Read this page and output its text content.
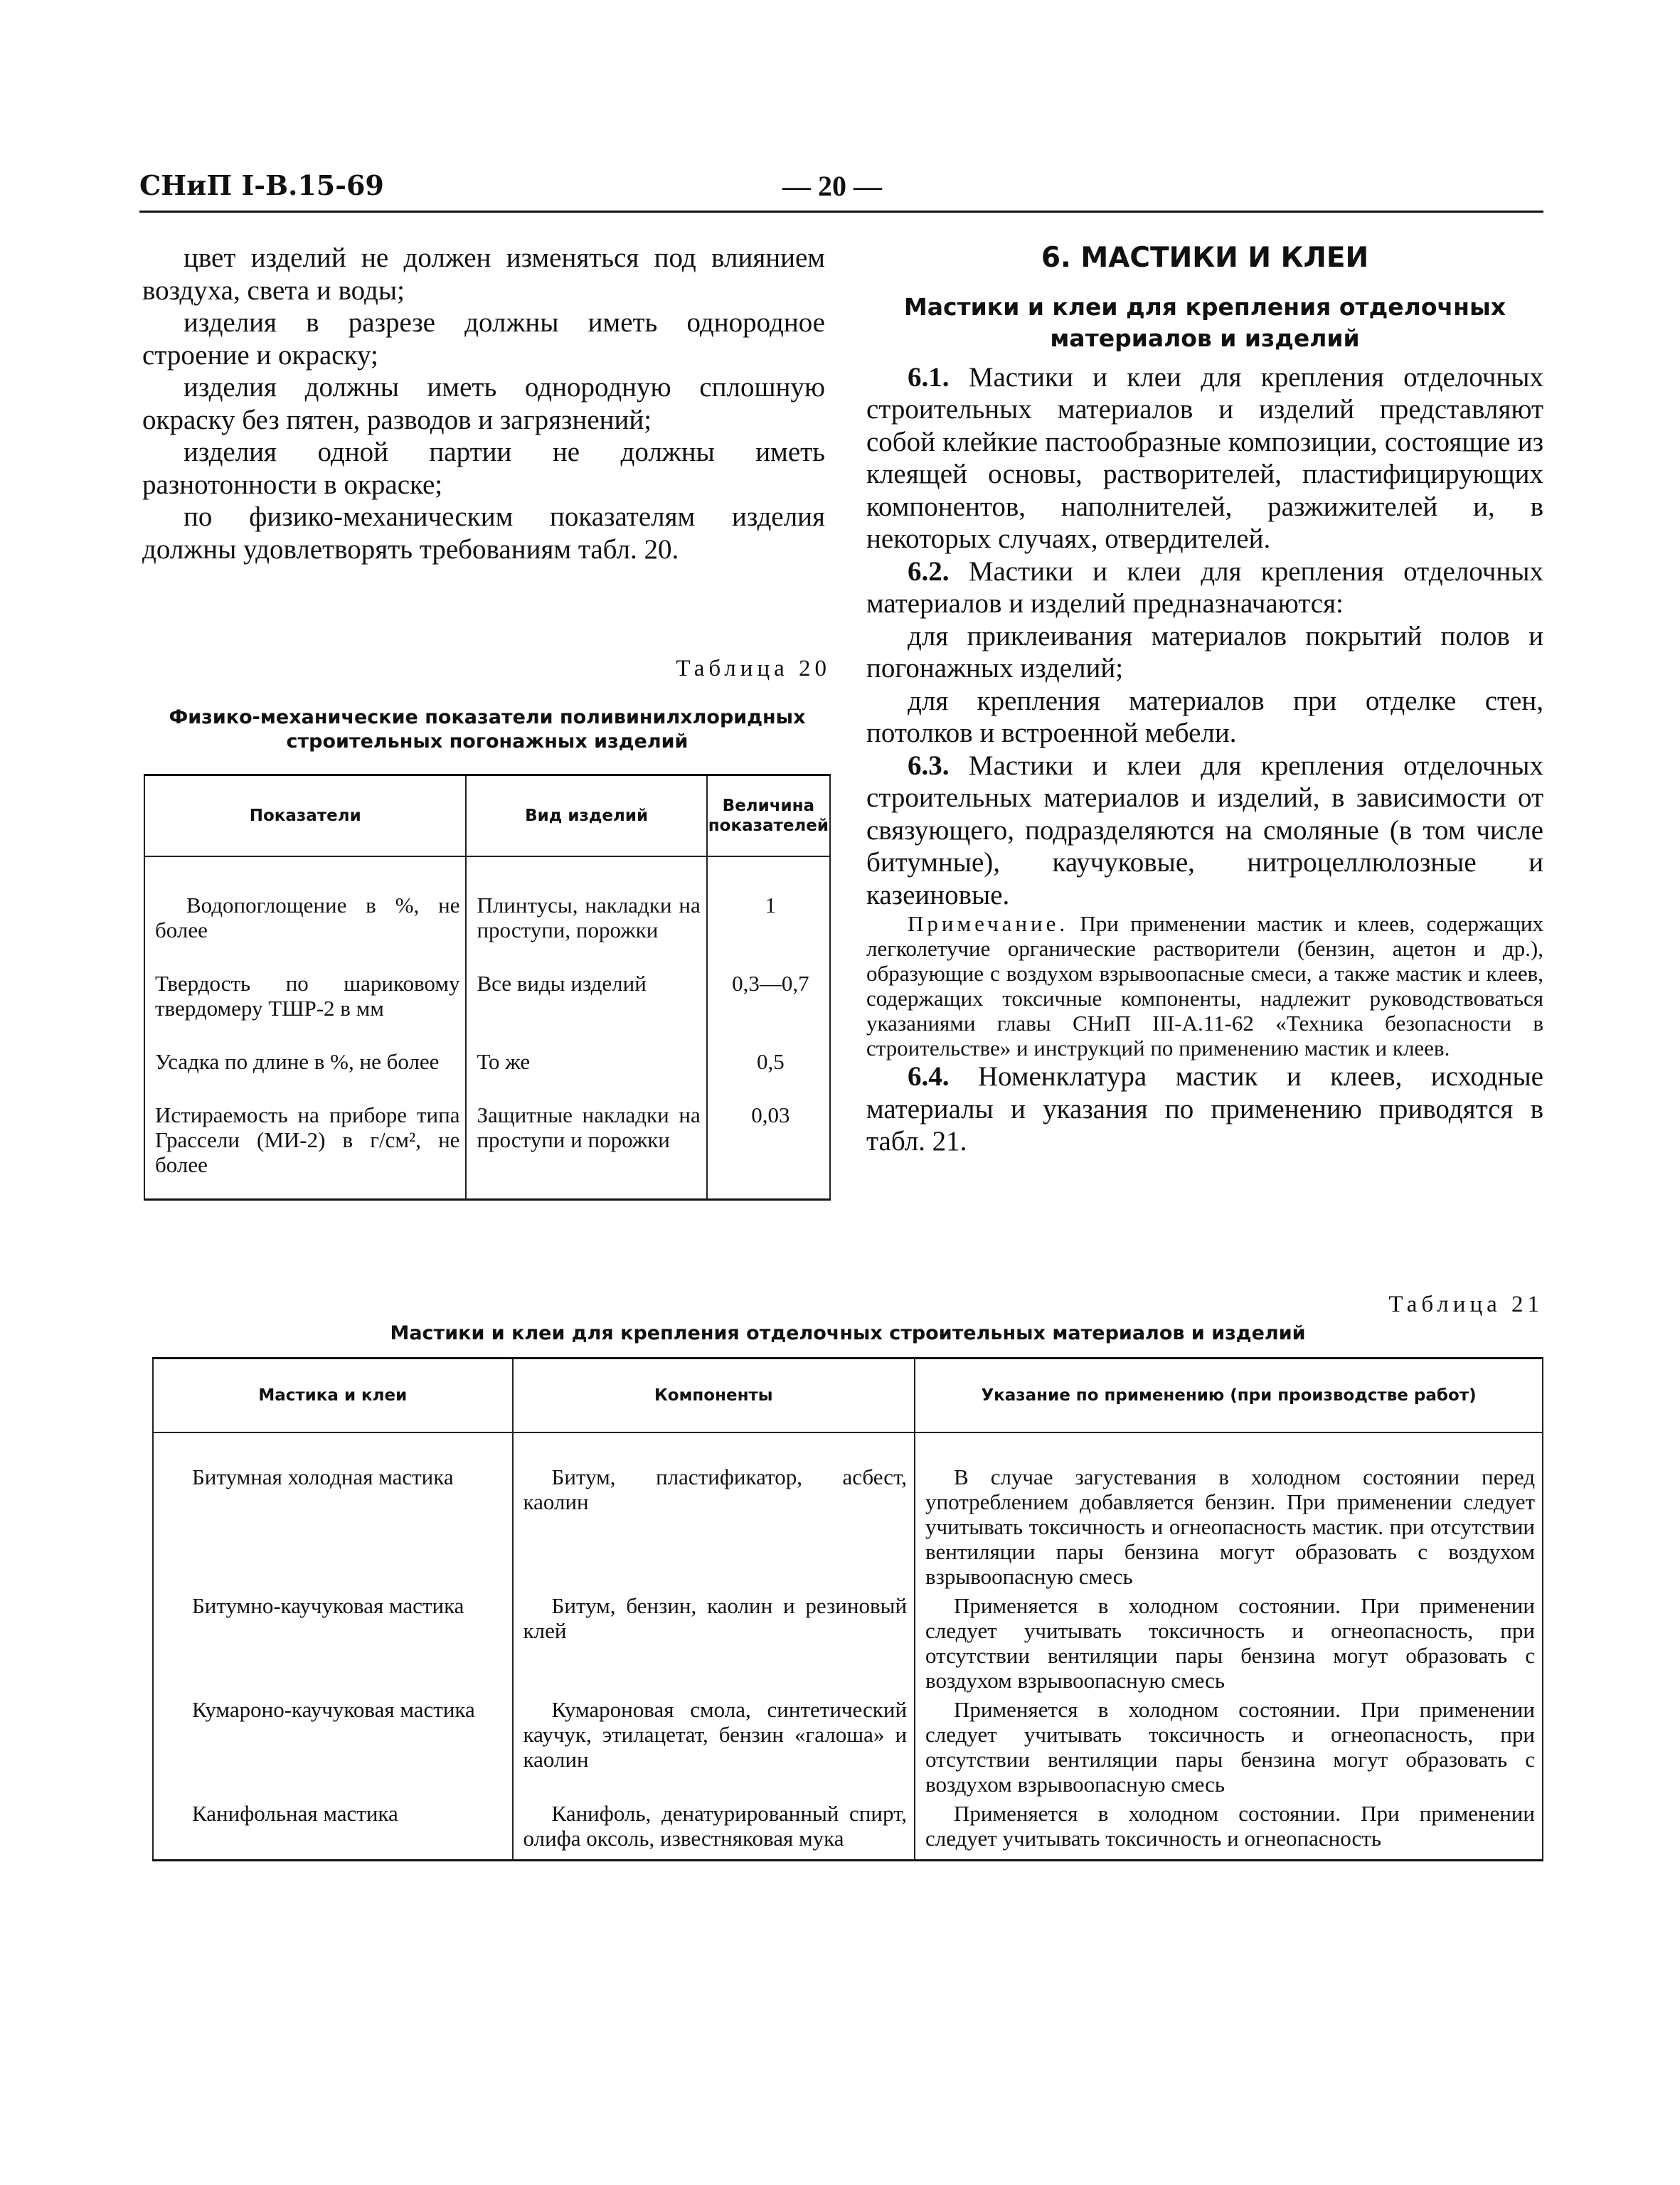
СНиП I-В.15-69	— 20 —

цвет изделий не должен изменяться под влиянием воздуха, света и воды;

изделия в разрезе должны иметь однородное строение и окраску;

изделия должны иметь однородную сплошную окраску без пятен, разводов и загрязнений;

изделия одной партии не должны иметь разнотонности в окраске;

по физико-механическим показателям изделия должны удовлетворять требованиям табл. 20.

Таблица 20
Физико-механические показатели поливинилхлоридных строительных погонажных изделий
Показатели	Вид изделий	Величина показателей
Водопоглощение в %, не более	Плинтусы, накладки на проступи, порожки	1
Твердость по шариковому твердомеру ТШР-2 в мм	Все виды изделий	0,3—0,7
Усадка по длине в %, не более	То же	0,5
Истираемость на приборе типа Грассели (МИ-2) в г/см², не более	Защитные накладки на проступи и порожки	0,03
6. МАСТИКИ И КЛЕИ
Мастики и клеи для крепления отделочных материалов и изделий

6.1. Мастики и клеи для крепления отделочных строительных материалов и изделий представляют собой клейкие пастообразные композиции, состоящие из клеящей основы, растворителей, пластифицирующих компонентов, наполнителей, разжижителей и, в некоторых случаях, отвердителей.

6.2. Мастики и клеи для крепления отделочных материалов и изделий предназначаются:

для приклеивания материалов покрытий полов и погонажных изделий;

для крепления материалов при отделке стен, потолков и встроенной мебели.

6.3. Мастики и клеи для крепления отделочных строительных материалов и изделий, в зависимости от связующего, подразделяются на смоляные (в том числе битумные), каучуковые, нитроцеллюлозные и казеиновые.

Примечание. При применении мастик и клеев, содержащих легколетучие органические растворители (бензин, ацетон и др.), образующие с воздухом взрывоопасные смеси, а также мастик и клеев, содержащих токсичные компоненты, надлежит руководствоваться указаниями главы СНиП III-А.11-62 «Техника безопасности в строительстве» и инструкций по применению мастик и клеев.

6.4. Номенклатура мастик и клеев, исходные материалы и указания по применению приводятся в табл. 21.

Таблица 21
Мастики и клеи для крепления отделочных строительных материалов и изделий
Мастика и клеи	Компоненты	Указание по применению (при производстве работ)
Битумная холодная мастика	Битум, пластификатор, асбест, каолин	В случае загустевания в холодном состоянии перед употреблением добавляется бензин. При применении следует учитывать токсичность и огнеопасность мастик. при отсутствии вентиляции пары бензина могут образовать с воздухом взрывоопасную смесь
Битумно-каучуковая мастика	Битум, бензин, каолин и резиновый клей	Применяется в холодном состоянии. При применении следует учитывать токсичность и огнеопасность, при отсутствии вентиляции пары бензина могут образовать с воздухом взрывоопасную смесь
Кумароно-каучуковая мастика	Кумароновая смола, синтетический каучук, этилацетат, бензин «галоша» и каолин	Применяется в холодном состоянии. При применении следует учитывать токсичность и огнеопасность, при отсутствии вентиляции пары бензина могут образовать с воздухом взрывоопасную смесь
Канифольная мастика	Канифоль, денатурированный спирт, олифа оксоль, известняковая мука	Применяется в холодном состоянии. При применении следует учитывать токсичность и огнеопасность
